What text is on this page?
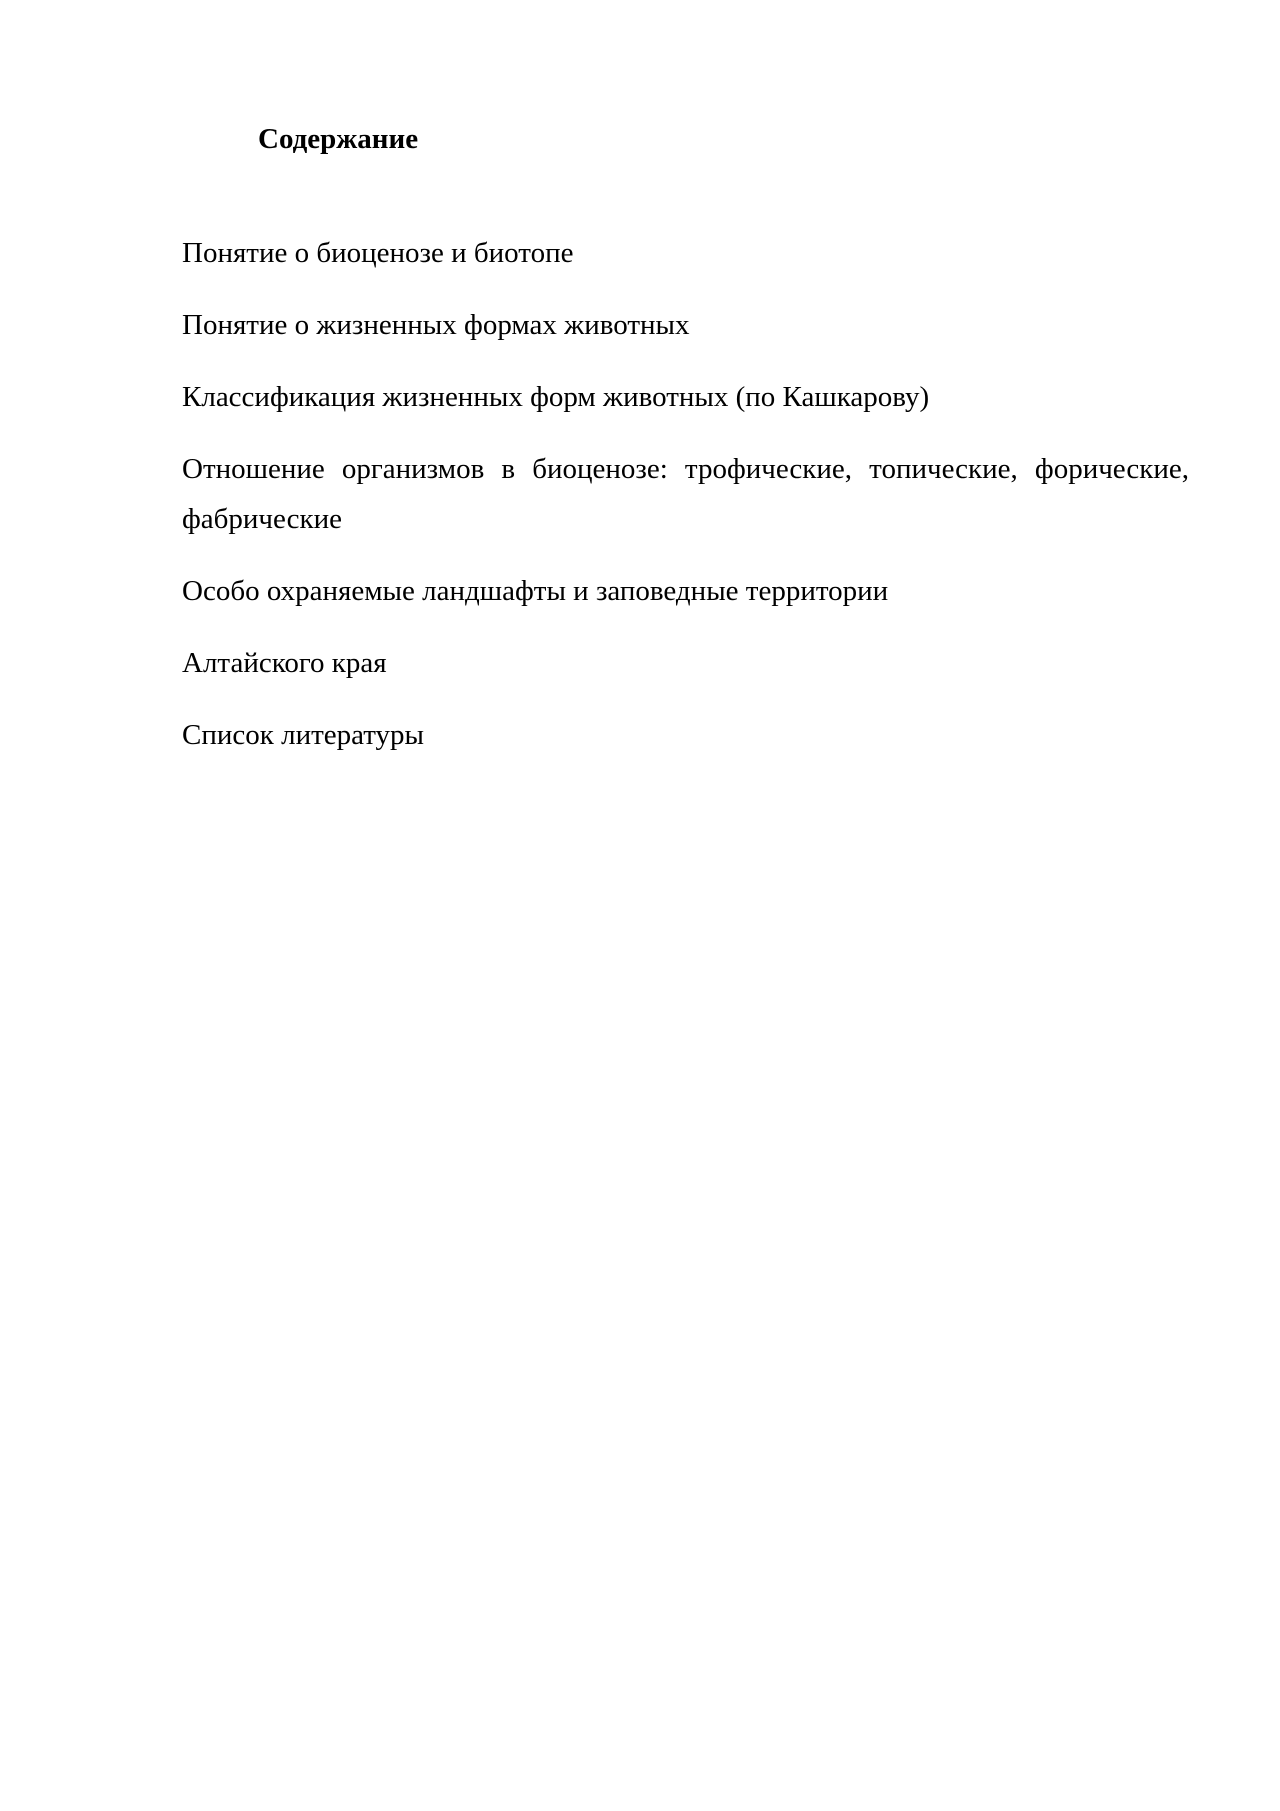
Содержание
Понятие о биоценозе и биотопе
Понятие о жизненных формах животных
Классификация жизненных форм животных (по Кашкарову)
Отношение организмов в биоценозе: трофические, топические, форические, фабрические
Особо охраняемые ландшафты и заповедные территории
Алтайского края
Список литературы
